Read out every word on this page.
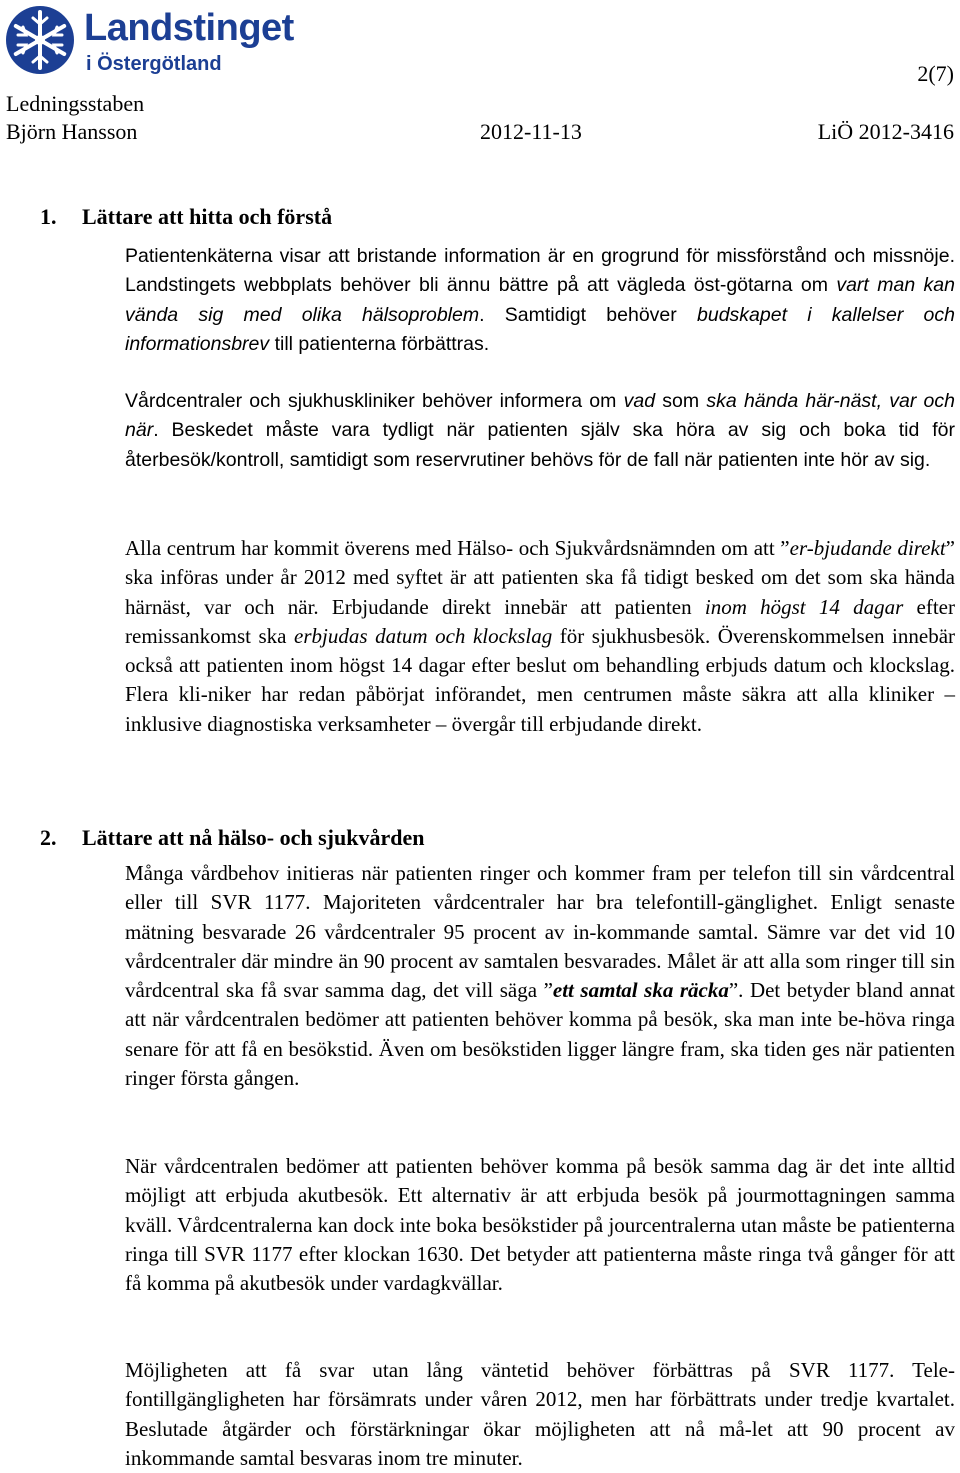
Landstinget
i Östergötland	2(7)
Ledningsstaben
Björn Hansson	2012-11-13	LiÖ 2012-3416
1. Lättare att hitta och förstå
Patientenkäterna visar att bristande information är en grogrund för missförstånd och missnöje. Landstingets webbplats behöver bli ännu bättre på att vägleda öst-götarna om vart man kan vända sig med olika hälsoproblem. Samtidigt behöver budskapet i kallelser och informationsbrev till patienterna förbättras.
Vårdcentraler och sjukhuskliniker behöver informera om vad som ska hända här-näst, var och när. Beskedet måste vara tydligt när patienten själv ska höra av sig och boka tid för återbesök/kontroll, samtidigt som reservrutiner behövs för de fall när patienten inte hör av sig.
Alla centrum har kommit överens med Hälso- och Sjukvårdsnämnden om att ”er-bjudande direkt” ska införas under år 2012 med syftet är att patienten ska få tidigt besked om det som ska hända härnäst, var och när. Erbjudande direkt innebär att patienten inom högst 14 dagar efter remissankomst ska erbjudas datum och klockslag för sjukhusbesök. Överenskommelsen innebär också att patienten inom högst 14 dagar efter beslut om behandling erbjuds datum och klockslag. Flera kli-niker har redan påbörjat införandet, men centrumen måste säkra att alla kliniker – inklusive diagnostiska verksamheter – övergår till erbjudande direkt.
2. Lättare att nå hälso- och sjukvården
Många vårdbehov initieras när patienten ringer och kommer fram per telefon till sin vårdcentral eller till SVR 1177. Majoriteten vårdcentraler har bra telefontill-gänglighet. Enligt senaste mätning besvarade 26 vårdcentraler 95 procent av in-kommande samtal. Sämre var det vid 10 vårdcentraler där mindre än 90 procent av samtalen besvarades. Målet är att alla som ringer till sin vårdcentral ska få svar samma dag, det vill säga ”ett samtal ska räcka”. Det betyder bland annat att när vårdcentralen bedömer att patienten behöver komma på besök, ska man inte be-höva ringa senare för att få en besökstid. Även om besökstiden ligger längre fram, ska tiden ges när patienten ringer första gången.
När vårdcentralen bedömer att patienten behöver komma på besök samma dag är det inte alltid möjligt att erbjuda akutbesök. Ett alternativ är att erbjuda besök på jourmottagningen samma kväll. Vårdcentralerna kan dock inte boka besökstider på jourcentralerna utan måste be patienterna ringa till SVR 1177 efter klockan 1630. Det betyder att patienterna måste ringa två gånger för att få komma på akutbesök under vardagkvällar.
Möjligheten att få svar utan lång väntetid behöver förbättras på SVR 1177. Tele-fontillgängligheten har försämrats under våren 2012, men har förbättrats under tredje kvartalet. Beslutade åtgärder och förstärkningar ökar möjligheten att nå må-let att 90 procent av inkommande samtal besvaras inom tre minuter.
